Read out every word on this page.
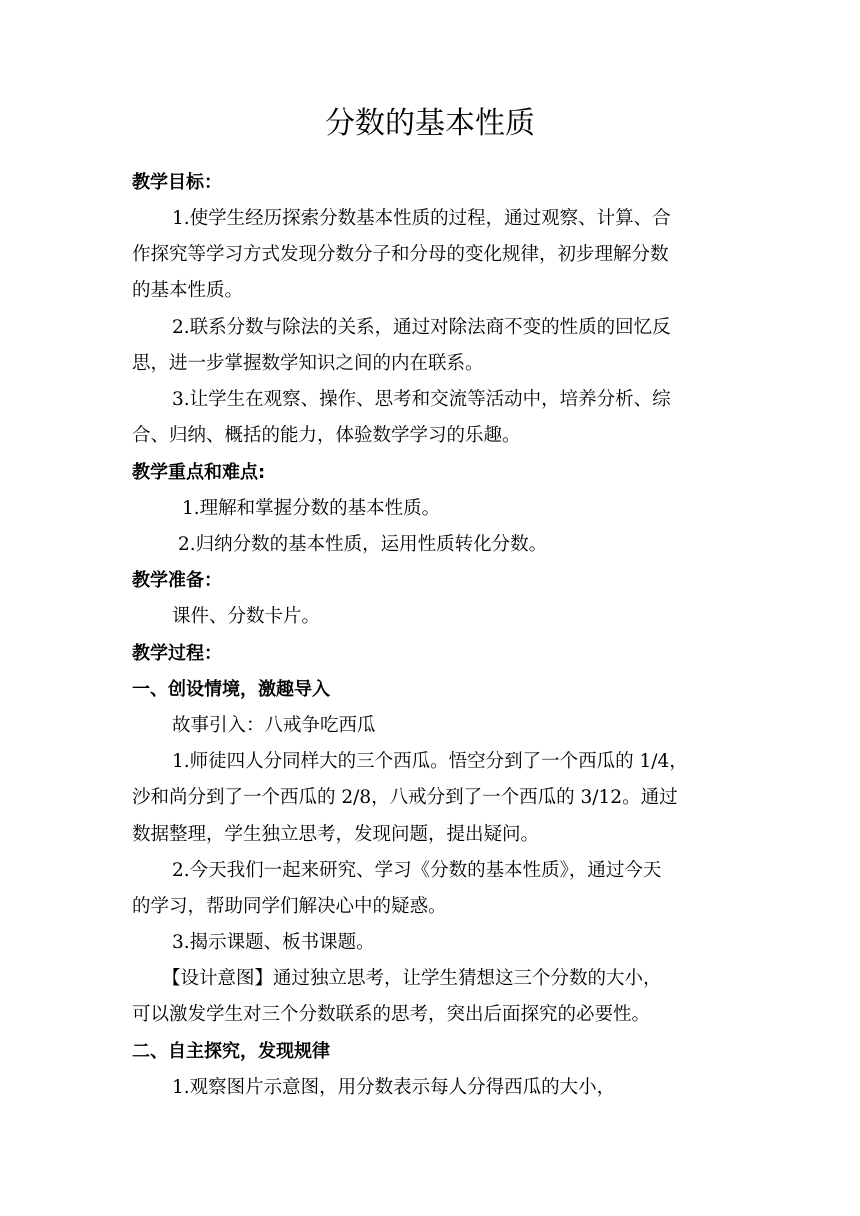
分数的基本性质
教学目标：
1.使学生经历探索分数基本性质的过程，通过观察、计算、合
作探究等学习方式发现分数分子和分母的变化规律，初步理解分数
的基本性质。
2.联系分数与除法的关系，通过对除法商不变的性质的回忆反
思，进一步掌握数学知识之间的内在联系。
3.让学生在观察、操作、思考和交流等活动中，培养分析、综
合、归纳、概括的能力，体验数学学习的乐趣。
教学重点和难点:
1.理解和掌握分数的基本性质。
2.归纳分数的基本性质，运用性质转化分数。
教学准备：
课件、分数卡片。
教学过程：
一、创设情境，激趣导入
故事引入：八戒争吃西瓜
1.师徒四人分同样大的三个西瓜。悟空分到了一个西瓜的 1/4，
沙和尚分到了一个西瓜的 2/8，八戒分到了一个西瓜的 3/12。通过
数据整理，学生独立思考，发现问题，提出疑问。
2.今天我们一起来研究、学习《分数的基本性质》，通过今天
的学习，帮助同学们解决心中的疑惑。
3.揭示课题、板书课题。
【设计意图】通过独立思考，让学生猜想这三个分数的大小，
可以激发学生对三个分数联系的思考，突出后面探究的必要性。
二、自主探究，发现规律
1.观察图片示意图，用分数表示每人分得西瓜的大小，
